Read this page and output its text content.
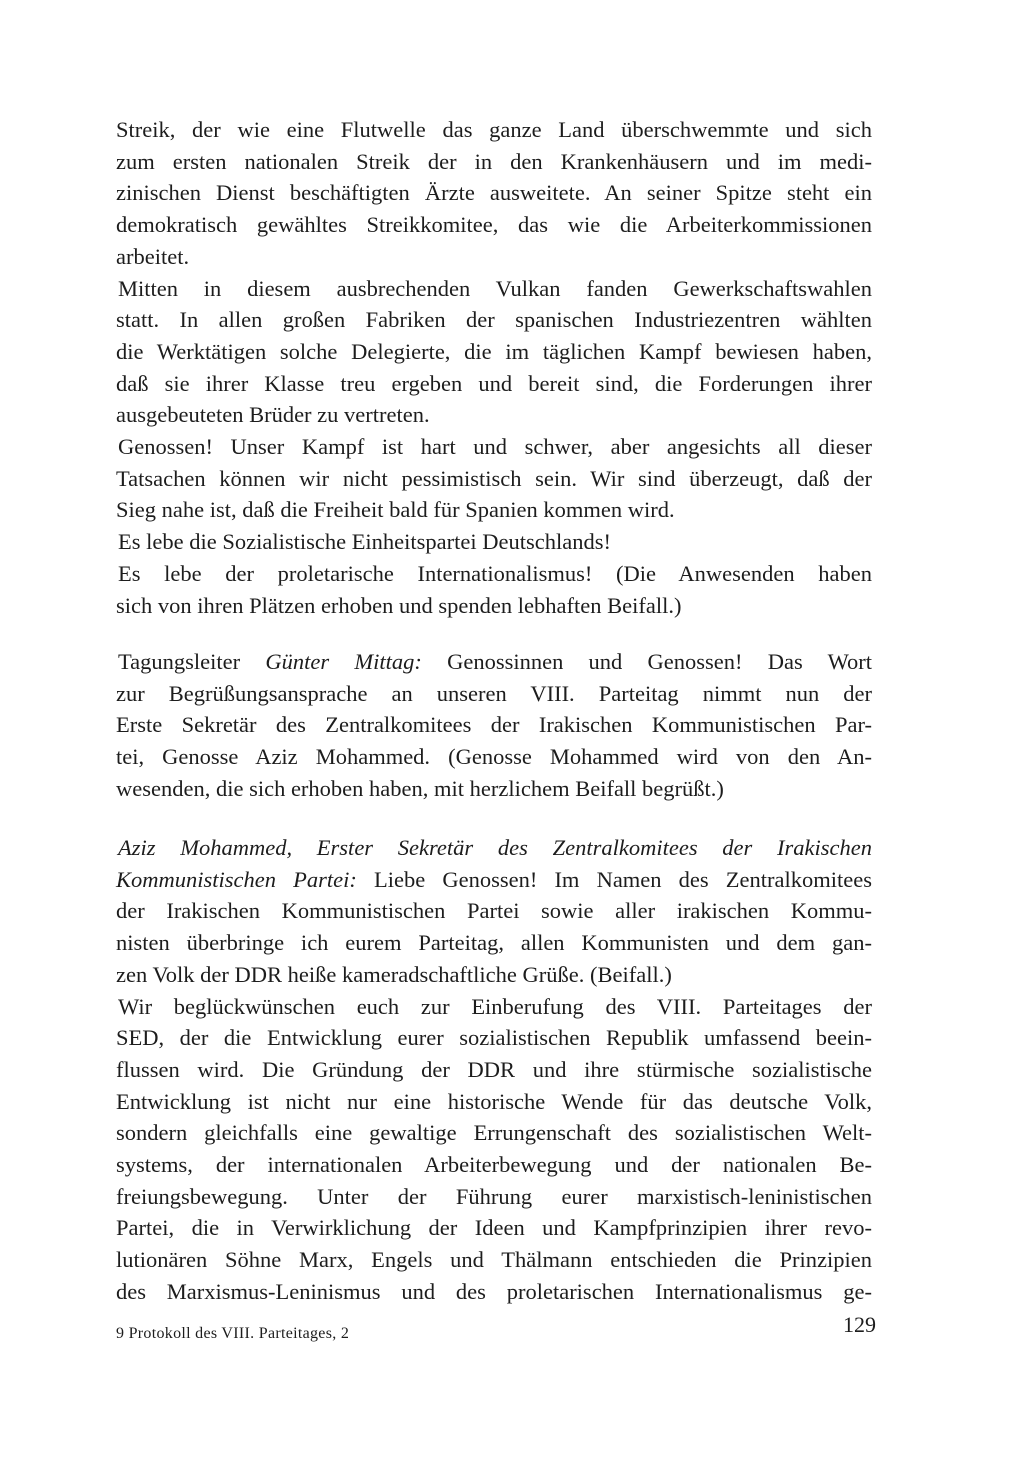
Streik, der wie eine Flutwelle das ganze Land überschwemmte und sich
zum ersten nationalen Streik der in den Krankenhäusern und im medi-
zinischen Dienst beschäftigten Ärzte ausweitete. An seiner Spitze steht ein
demokratisch gewähltes Streikkomitee, das wie die Arbeiterkommissionen
arbeitet.
Mitten in diesem ausbrechenden Vulkan fanden Gewerkschaftswahlen
statt. In allen großen Fabriken der spanischen Industriezentren wählten
die Werktätigen solche Delegierte, die im täglichen Kampf bewiesen haben,
daß sie ihrer Klasse treu ergeben und bereit sind, die Forderungen ihrer
ausgebeuteten Brüder zu vertreten.
Genossen! Unser Kampf ist hart und schwer, aber angesichts all dieser
Tatsachen können wir nicht pessimistisch sein. Wir sind überzeugt, daß der
Sieg nahe ist, daß die Freiheit bald für Spanien kommen wird.
Es lebe die Sozialistische Einheitspartei Deutschlands!
Es lebe der proletarische Internationalismus! (Die Anwesenden haben
sich von ihren Plätzen erhoben und spenden lebhaften Beifall.)
Tagungsleiter Günter Mittag: Genossinnen und Genossen! Das Wort
zur Begrüßungsansprache an unseren VIII. Parteitag nimmt nun der
Erste Sekretär des Zentralkomitees der Irakischen Kommunistischen Par-
tei, Genosse Aziz Mohammed. (Genosse Mohammed wird von den An-
wesenden, die sich erhoben haben, mit herzlichem Beifall begrüßt.)
Aziz Mohammed, Erster Sekretär des Zentralkomitees der Irakischen
Kommunistischen Partei: Liebe Genossen! Im Namen des Zentralkomitees
der Irakischen Kommunistischen Partei sowie aller irakischen Kommu-
nisten überbringe ich eurem Parteitag, allen Kommunisten und dem gan-
zen Volk der DDR heiße kameradschaftliche Grüße. (Beifall.)
Wir beglückwünschen euch zur Einberufung des VIII. Parteitages der
SED, der die Entwicklung eurer sozialistischen Republik umfassend beein-
flussen wird. Die Gründung der DDR und ihre stürmische sozialistische
Entwicklung ist nicht nur eine historische Wende für das deutsche Volk,
sondern gleichfalls eine gewaltige Errungenschaft des sozialistischen Welt-
systems, der internationalen Arbeiterbewegung und der nationalen Be-
freiungsbewegung. Unter der Führung eurer marxistisch-leninistischen
Partei, die in Verwirklichung der Ideen und Kampfprinzipien ihrer revo-
lutionären Söhne Marx, Engels und Thälmann entschieden die Prinzipien
des Marxismus-Leninismus und des proletarischen Internationalismus ge-
9 Protokoll des VIII. Parteitages, 2	129
